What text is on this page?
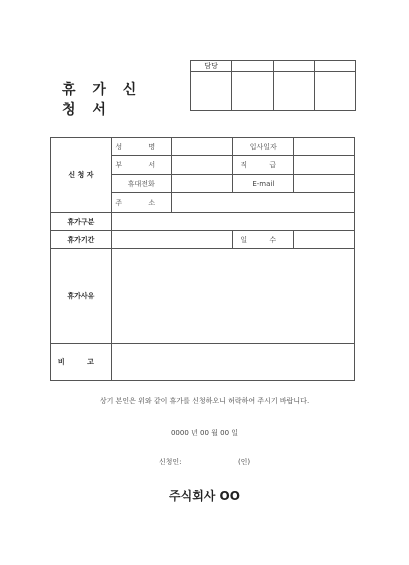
휴 가 신 청 서
담당			

신 청 자	성 명		입사일자	
	부 서		직 급	
	휴대전화		E-mail	
	주 소			
휴가구분				
휴가기간			일 수	
휴가사유				
비 고				
상기 본인은 위와 같이 휴가를 신청하오니 허락하여 주시기 바랍니다.
0000 년 00 월 00 일
신청인:	(인)
주식회사 OO
